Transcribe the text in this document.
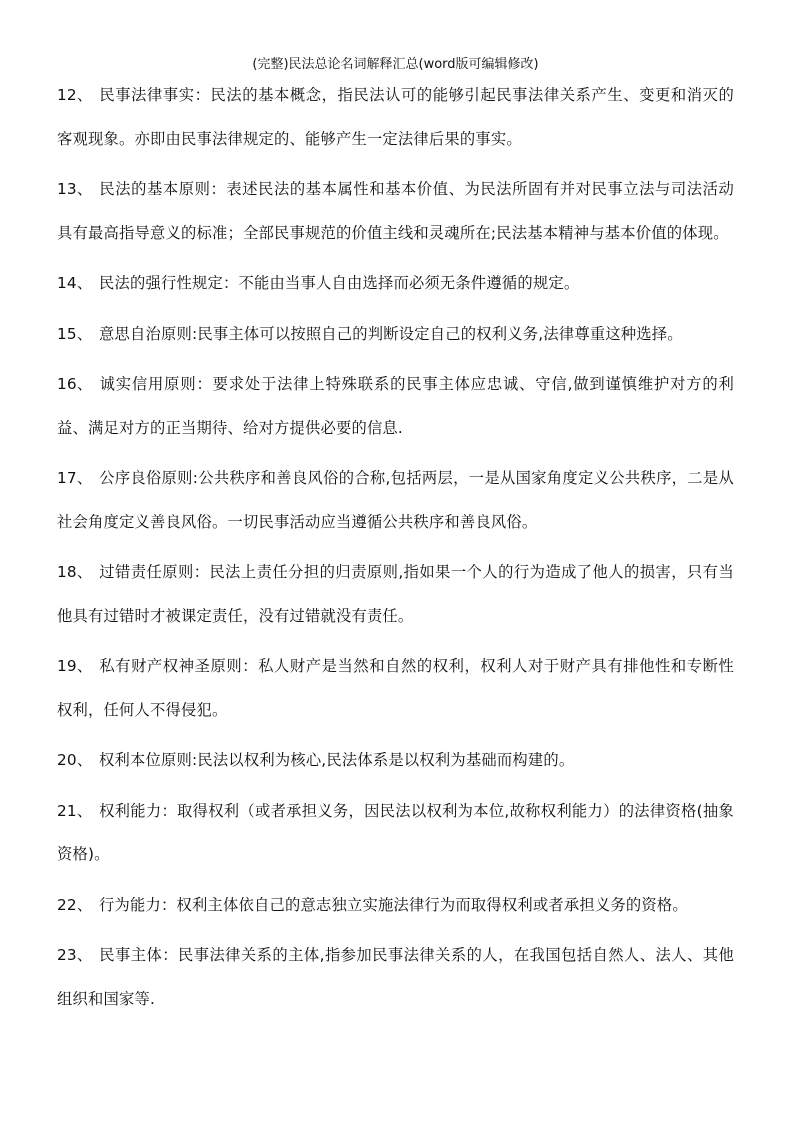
(完整)民法总论名词解释汇总(word版可编辑修改)

12、 民事法律事实：民法的基本概念，指民法认可的能够引起民事法律关系产生、变更和消灭的客观现象。亦即由民事法律规定的、能够产生一定法律后果的事实。

13、 民法的基本原则：表述民法的基本属性和基本价值、为民法所固有并对民事立法与司法活动具有最高指导意义的标准；全部民事规范的价值主线和灵魂所在;民法基本精神与基本价值的体现。

14、 民法的强行性规定：不能由当事人自由选择而必须无条件遵循的规定。

15、 意思自治原则:民事主体可以按照自己的判断设定自己的权利义务,法律尊重这种选择。

16、 诚实信用原则：要求处于法律上特殊联系的民事主体应忠诚、守信,做到谨慎维护对方的利益、满足对方的正当期待、给对方提供必要的信息.

17、 公序良俗原则:公共秩序和善良风俗的合称,包括两层，一是从国家角度定义公共秩序，二是从社会角度定义善良风俗。一切民事活动应当遵循公共秩序和善良风俗。

18、 过错责任原则：民法上责任分担的归责原则,指如果一个人的行为造成了他人的损害，只有当他具有过错时才被课定责任，没有过错就没有责任。

19、 私有财产权神圣原则：私人财产是当然和自然的权利，权利人对于财产具有排他性和专断性权利，任何人不得侵犯。

20、 权利本位原则:民法以权利为核心,民法体系是以权利为基础而构建的。

21、 权利能力：取得权利（或者承担义务，因民法以权利为本位,故称权利能力）的法律资格(抽象资格)。

22、 行为能力：权利主体依自己的意志独立实施法律行为而取得权利或者承担义务的资格。

23、 民事主体：民事法律关系的主体,指参加民事法律关系的人，在我国包括自然人、法人、其他组织和国家等.
